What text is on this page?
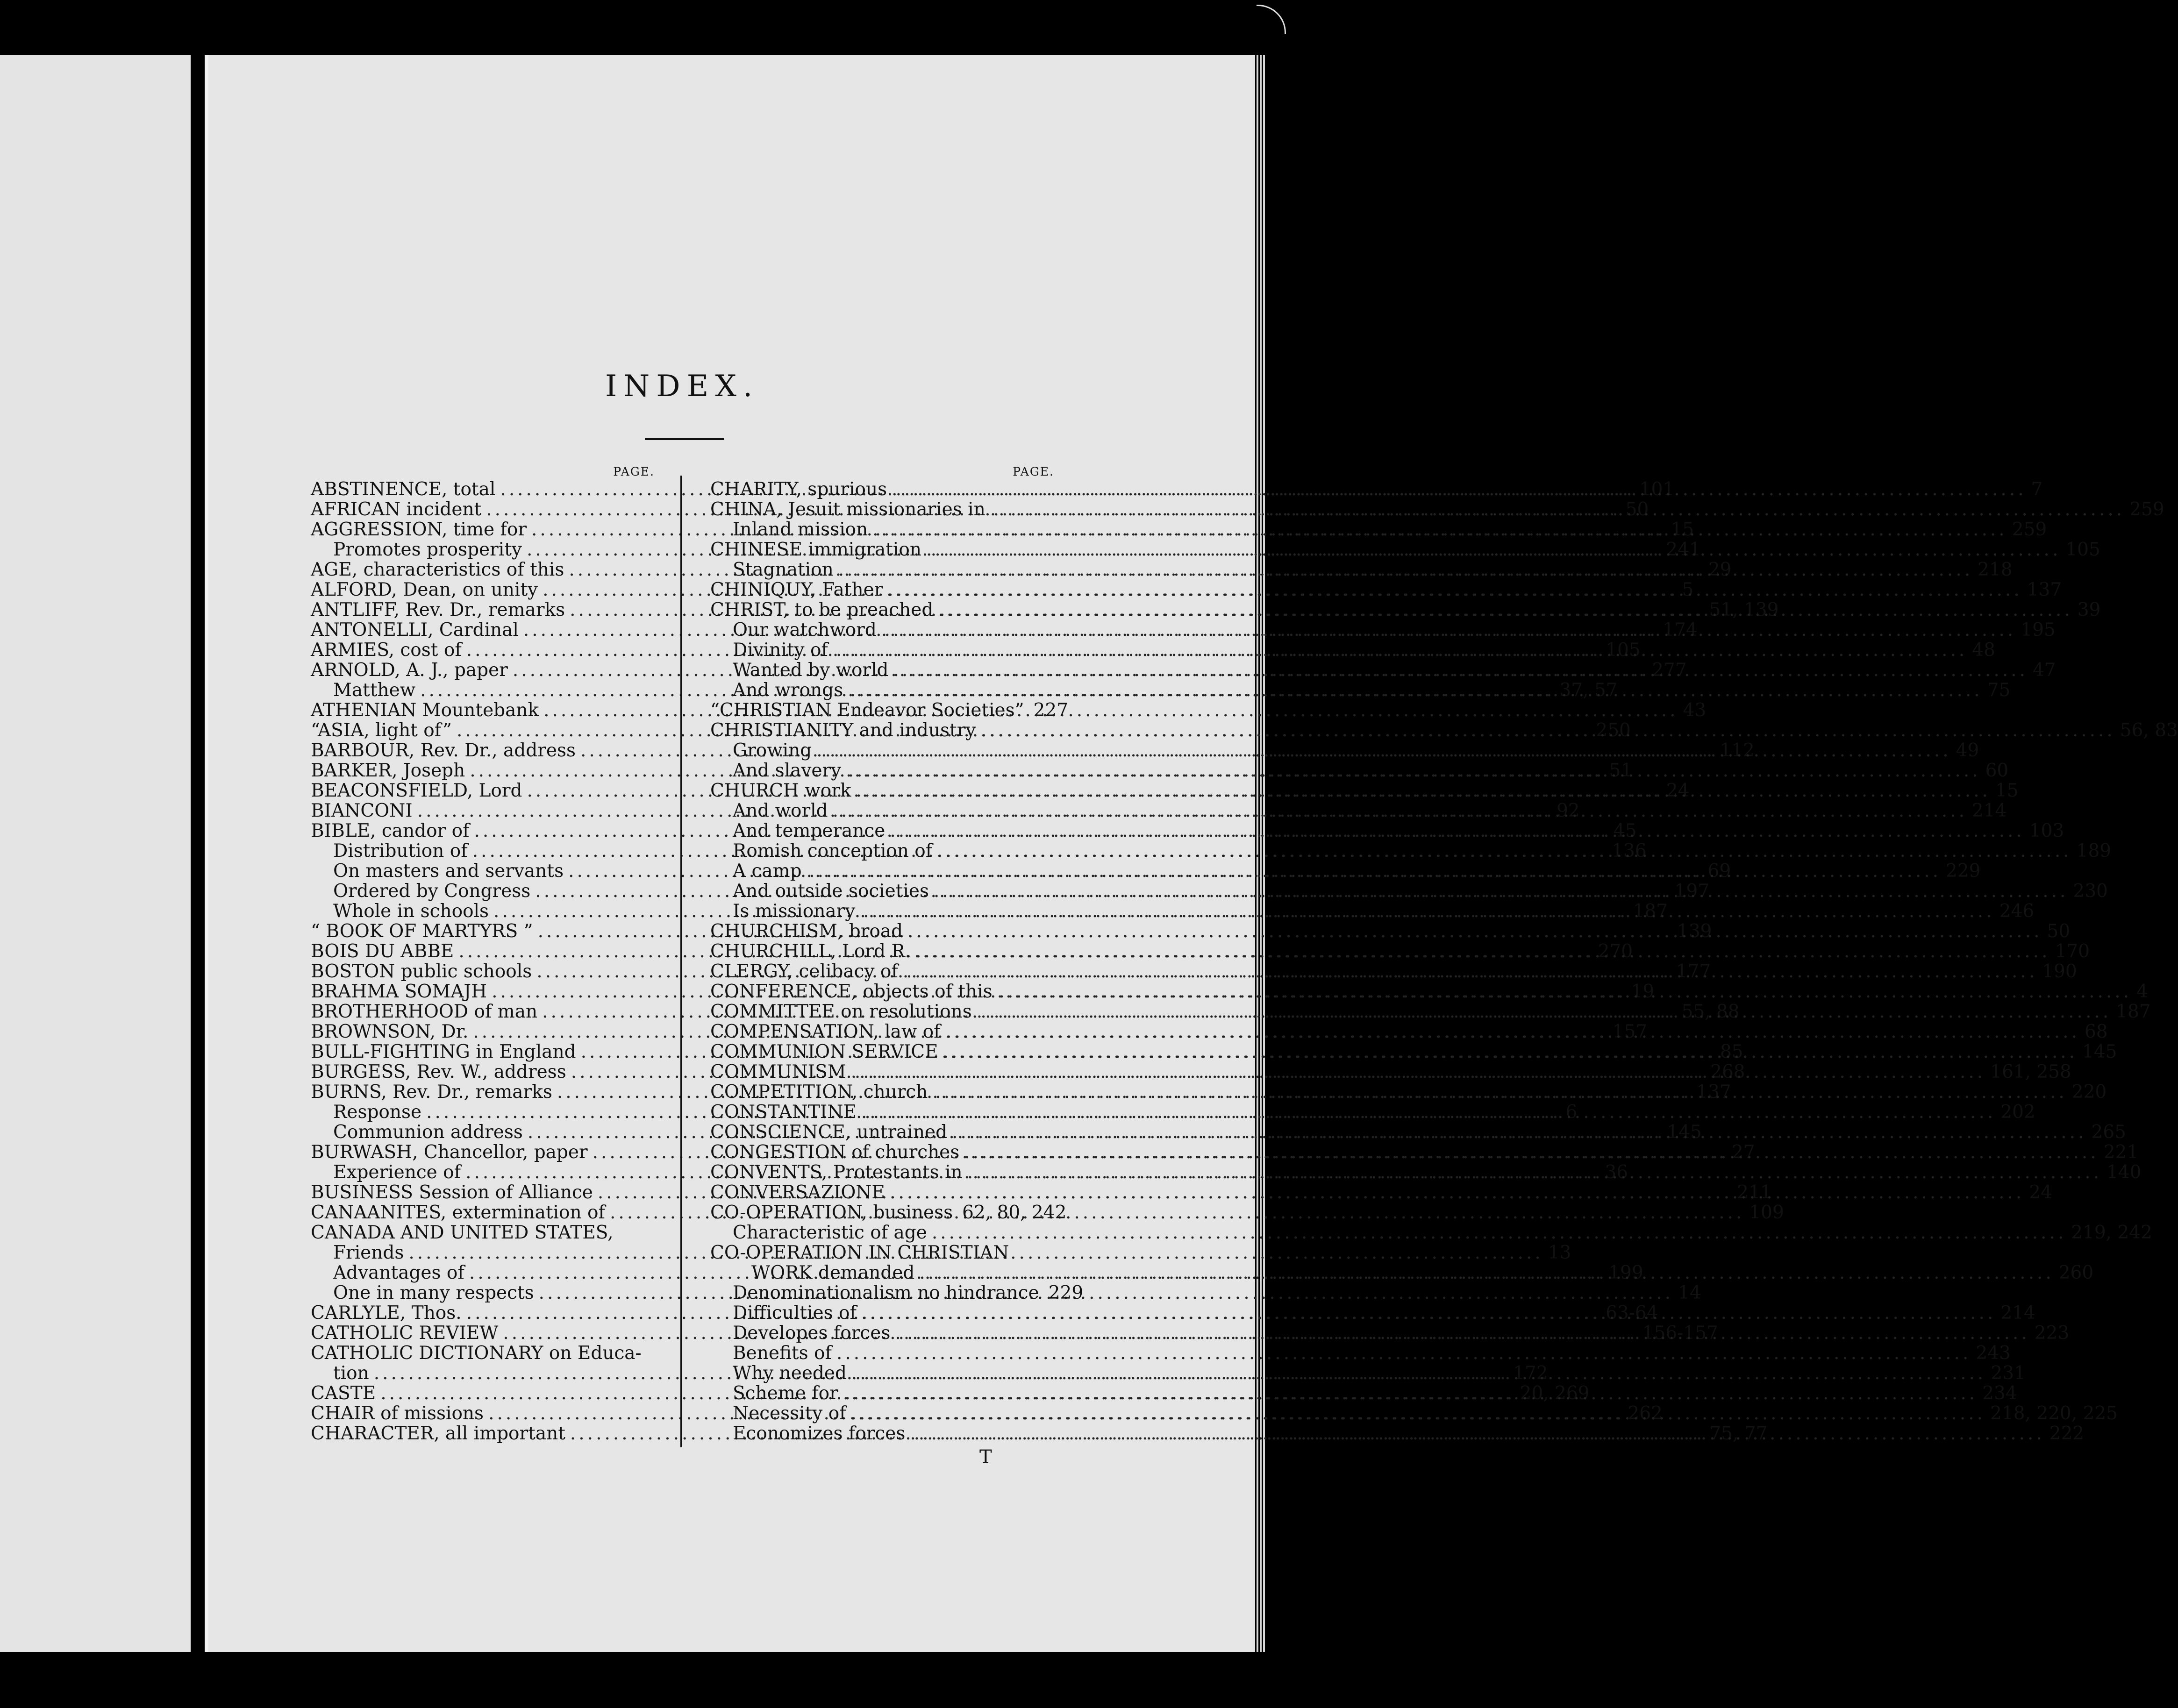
INDEX.
PAGE.
ABSTINENCE, total .....	101
AFRICAN incident .....	50
AGGRESSION, time for .....	15
Promotes prosperity .....	241
AGE, characteristics of this .....	29
ALFORD, Dean, on unity .....	5
ANTLIFF, Rev. Dr., remarks .....	51, 139
ANTONELLI, Cardinal .....	174
ARMIES, cost of .....	105
ARNOLD, A. J., paper .....	277
Matthew .....	37, 57
ATHENIAN Mountebank .....	43
“ASIA, light of” .....	250
BARBOUR, Rev. Dr., address .....	112
BARKER, Joseph .....	51
BEACONSFIELD, Lord .....	24
BIANCONI .....	92
BIBLE, candor of .....	45
Distribution of .....	136
On masters and servants .....	69
Ordered by Congress .....	197
Whole in schools .....	187
“ BOOK OF MARTYRS ” .....	139
BOIS DU ABBE .....	270
BOSTON public schools .....	177
BRAHMA SOMAJH .....	19
BROTHERHOOD of man .....	55, 88
BROWNSON, Dr. .....	157
BULL-FIGHTING in England .....	85
BURGESS, Rev. W., address .....	268
BURNS, Rev. Dr., remarks .....	137
Response .....	6
Communion address .....	145
BURWASH, Chancellor, paper .....	27
Experience of .....	36
BUSINESS Session of Alliance .....	211
CANAANITES, extermination of .....	109
CANADA AND UNITED STATES,
Friends .....	13
Advantages of .....	199
One in many respects .....	14
CARLYLE, Thos. .....	63-64
CATHOLIC REVIEW .....	156-157
CATHOLIC DICTIONARY on Educa-
tion .....	172
CASTE .....	20, 269
CHAIR of missions .....	262
CHARACTER, all important .....	75, 77
PAGE.
CHARITY, spurious .....	7
CHINA, Jesuit missionaries in .....	259
Inland mission .....	259
CHINESE immigration .....	105
Stagnation .....	218
CHINIQUY, Father .....	137
CHRIST, to be preached .....	39
Our watchword .....	195
Divinity of .....	48
Wanted by world .....	47
And wrongs .....	75
“CHRISTIAN Endeavor Societies” 227
CHRISTIANITY and industry .....	56, 83
Growing .....	49
And slavery .....	60
CHURCH work .....	15
And world .....	214
And temperance .....	103
Romish conception of .....	189
A camp .....	229
And outside societies .....	230
Is missionary .....	246
CHURCHISM, broad .....	50
CHURCHILL, Lord R. .....	170
CLERGY, celibacy of .....	190
CONFERENCE, objects of this .....	4
COMMITTEE on resolutions .....	187
COMPENSATION, law of .....	68
COMMUNION SERVICE .....	145
COMMUNISM .....	161, 258
COMPETITION, church .....	220
CONSTANTINE .....	202
CONSCIENCE, untrained .....	265
CONGESTION of churches .....	221
CONVENTS, Protestants in .....	140
CONVERSAZIONE .....	24
CO-OPERATION, business 62, 80, 242
Characteristic of age .....	219, 242
CO-OPERATION IN CHRISTIAN
WORK demanded .....	260
Denominationalism no hindrance 229
Difficulties of .....	214
Developes forces .....	223
Benefits of .....	243
Why needed .....	231
Scheme for .....	234
Necessity of .....	218, 220, 225
Economizes forces .....	222
T
